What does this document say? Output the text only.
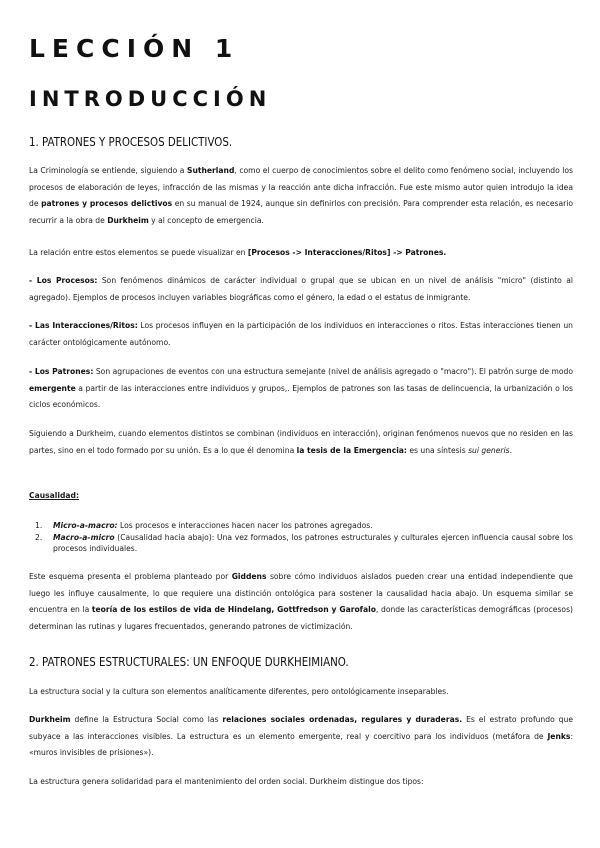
LECCIÓN 1
INTRODUCCIÓN
1. PATRONES Y PROCESOS DELICTIVOS.

La Criminología se entiende, siguiendo a Sutherland, como el cuerpo de conocimientos sobre el delito como fenómeno social, incluyendo los procesos de elaboración de leyes, infracción de las mismas y la reacción ante dicha infracción. Fue este mismo autor quien introdujo la idea de patrones y procesos delictivos en su manual de 1924, aunque sin definirlos con precisión. Para comprender esta relación, es necesario recurrir a la obra de Durkheim y al concepto de emergencia.

La relación entre estos elementos se puede visualizar en [Procesos -> Interacciones/Ritos] -> Patrones.

- Los Procesos: Son fenómenos dinámicos de carácter individual o grupal que se ubican en un nivel de análisis "micro" (distinto al agregado). Ejemplos de procesos incluyen variables biográficas como el género, la edad o el estatus de inmigrante.

- Las Interacciones/Ritos: Los procesos influyen en la participación de los individuos en interacciones o ritos. Estas interacciones tienen un carácter ontológicamente autónomo.

- Los Patrones: Son agrupaciones de eventos con una estructura semejante (nivel de análisis agregado o "macro"). El patrón surge de modo emergente a partir de las interacciones entre individuos y grupos,. Ejemplos de patrones son las tasas de delincuencia, la urbanización o los ciclos económicos.

Siguiendo a Durkheim, cuando elementos distintos se combinan (individuos en interacción), originan fenómenos nuevos que no residen en las partes, sino en el todo formado por su unión. Es a lo que él denomina la tesis de la Emergencia: es una síntesis sui generis.

Causalidad:

1. Micro-a-macro: Los procesos e interacciones hacen nacer los patrones agregados.
2. Macro-a-micro (Causalidad hacia abajo): Una vez formados, los patrones estructurales y culturales ejercen influencia causal sobre los procesos individuales.

Este esquema presenta el problema planteado por Giddens sobre cómo individuos aislados pueden crear una entidad independiente que luego les influye causalmente, lo que requiere una distinción ontológica para sostener la causalidad hacia abajo. Un esquema similar se encuentra en la teoría de los estilos de vida de Hindelang, Gottfredson y Garofalo, donde las características demográficas (procesos) determinan las rutinas y lugares frecuentados, generando patrones de victimización.

2. PATRONES ESTRUCTURALES: UN ENFOQUE DURKHEIMIANO.

La estructura social y la cultura son elementos analíticamente diferentes, pero ontológicamente inseparables.

Durkheim define la Estructura Social como las relaciones sociales ordenadas, regulares y duraderas. Es el estrato profundo que subyace a las interacciones visibles. La estructura es un elemento emergente, real y coercitivo para los individuos (metáfora de Jenks: «muros invisibles de prisiones»).

La estructura genera solidaridad para el mantenimiento del orden social. Durkheim distingue dos tipos:
